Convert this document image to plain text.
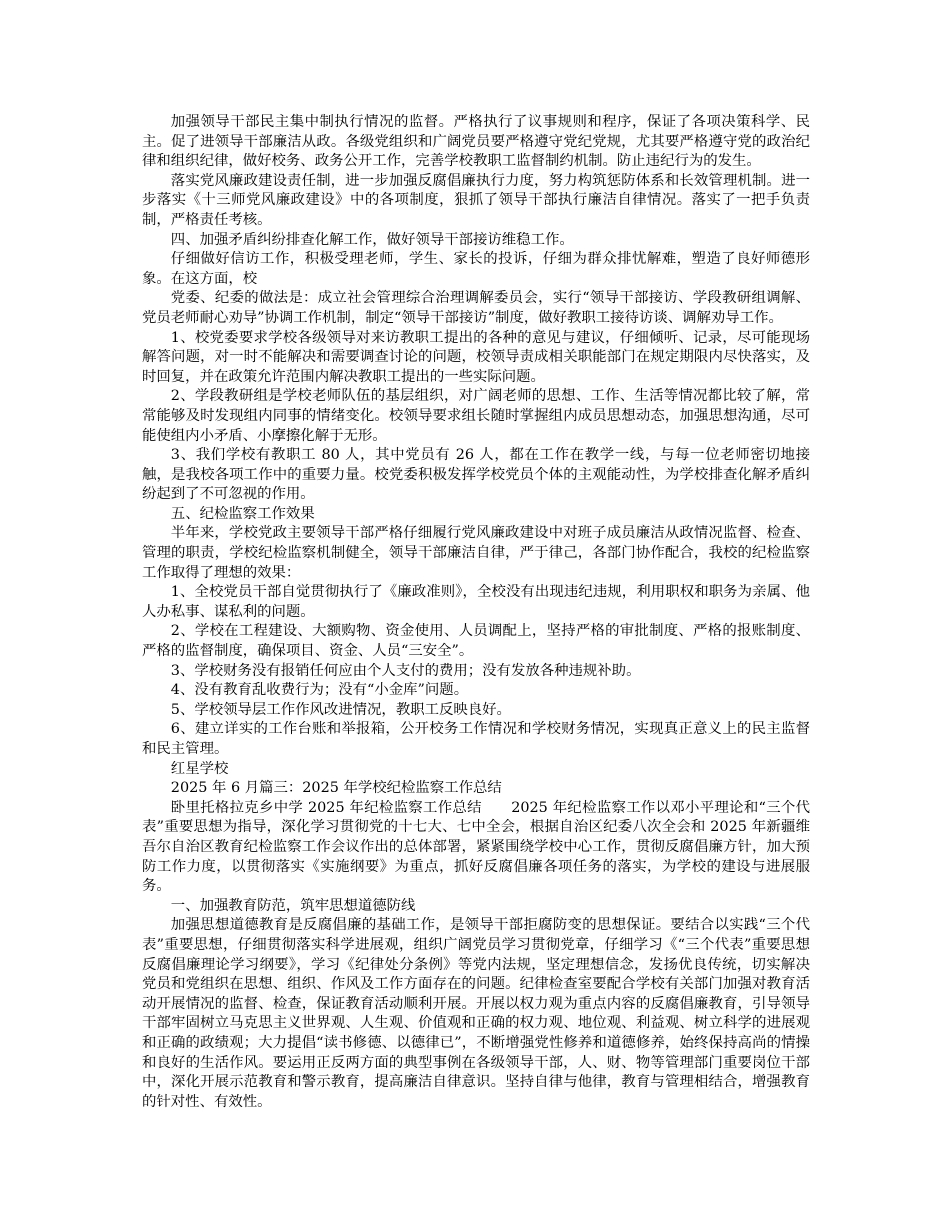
加强领导干部民主集中制执行情况的监督。严格执行了议事规则和程序，保证了各项决策科学、民主。促了进领导干部廉洁从政。各级党组织和广阔党员要严格遵守党纪党规，尤其要严格遵守党的政治纪律和组织纪律，做好校务、政务公开工作，完善学校教职工监督制约机制。防止违纪行为的发生。

落实党风廉政建设责任制，进一步加强反腐倡廉执行力度，努力构筑惩防体系和长效管理机制。进一步落实《十三师党风廉政建设》中的各项制度，狠抓了领导干部执行廉洁自律情况。落实了一把手负责制，严格责任考核。

四、加强矛盾纠纷排查化解工作，做好领导干部接访维稳工作。

仔细做好信访工作，积极受理老师，学生、家长的投诉，仔细为群众排忧解难，塑造了良好师德形象。在这方面，校

党委、纪委的做法是：成立社会管理综合治理调解委员会，实行“领导干部接访、学段教研组调解、党员老师耐心劝导”协调工作机制，制定“领导干部接访”制度，做好教职工接待访谈、调解劝导工作。

1、校党委要求学校各级领导对来访教职工提出的各种的意见与建议，仔细倾听、记录，尽可能现场解答问题，对一时不能解决和需要调查讨论的问题，校领导责成相关职能部门在规定期限内尽快落实，及时回复，并在政策允许范围内解决教职工提出的一些实际问题。

2、学段教研组是学校老师队伍的基层组织，对广阔老师的思想、工作、生活等情况都比较了解，常常能够及时发现组内同事的情绪变化。校领导要求组长随时掌握组内成员思想动态，加强思想沟通，尽可能使组内小矛盾、小摩擦化解于无形。

3、我们学校有教职工 80 人，其中党员有 26 人，都在工作在教学一线，与每一位老师密切地接触，是我校各项工作中的重要力量。校党委积极发挥学校党员个体的主观能动性，为学校排查化解矛盾纠纷起到了不可忽视的作用。

五、纪检监察工作效果

半年来，学校党政主要领导干部严格仔细履行党风廉政建设中对班子成员廉洁从政情况监督、检查、管理的职责，学校纪检监察机制健全，领导干部廉洁自律，严于律己，各部门协作配合，我校的纪检监察工作取得了理想的效果：

1、全校党员干部自觉贯彻执行了《廉政准则》，全校没有出现违纪违规，利用职权和职务为亲属、他人办私事、谋私利的问题。

2、学校在工程建设、大额购物、资金使用、人员调配上，坚持严格的审批制度、严格的报账制度、严格的监督制度，确保项目、资金、人员“三安全”。

3、学校财务没有报销任何应由个人支付的费用；没有发放各种违规补助。

4、没有教育乱收费行为；没有“小金库”问题。

5、学校领导层工作作风改进情况，教职工反映良好。

6、建立详实的工作台账和举报箱，公开校务工作情况和学校财务情况，实现真正意义上的民主监督和民主管理。

红星学校

2025 年 6 月篇三：2025 年学校纪检监察工作总结

卧里托格拉克乡中学 2025 年纪检监察工作总结　　2025 年纪检监察工作以邓小平理论和“三个代表”重要思想为指导，深化学习贯彻党的十七大、七中全会，根据自治区纪委八次全会和 2025 年新疆维吾尔自治区教育纪检监察工作会议作出的总体部署，紧紧围绕学校中心工作，贯彻反腐倡廉方针，加大预防工作力度，以贯彻落实《实施纲要》为重点，抓好反腐倡廉各项任务的落实，为学校的建设与进展服务。

一、加强教育防范，筑牢思想道德防线

加强思想道德教育是反腐倡廉的基础工作，是领导干部拒腐防变的思想保证。要结合以实践“三个代表”重要思想，仔细贯彻落实科学进展观，组织广阔党员学习贯彻党章，仔细学习《“三个代表”重要思想反腐倡廉理论学习纲要》，学习《纪律处分条例》等党内法规，坚定理想信念，发扬优良传统，切实解决党员和党组织在思想、组织、作风及工作方面存在的问题。纪律检查室要配合学校有关部门加强对教育活动开展情况的监督、检查，保证教育活动顺利开展。开展以权力观为重点内容的反腐倡廉教育，引导领导干部牢固树立马克思主义世界观、人生观、价值观和正确的权力观、地位观、利益观、树立科学的进展观和正确的政绩观；大力提倡“读书修德、以德律已”，不断增强党性修养和道德修养，始终保持高尚的情操和良好的生活作风。要运用正反两方面的典型事例在各级领导干部，人、财、物等管理部门重要岗位干部中，深化开展示范教育和警示教育，提高廉洁自律意识。坚持自律与他律，教育与管理相结合，增强教育的针对性、有效性。
